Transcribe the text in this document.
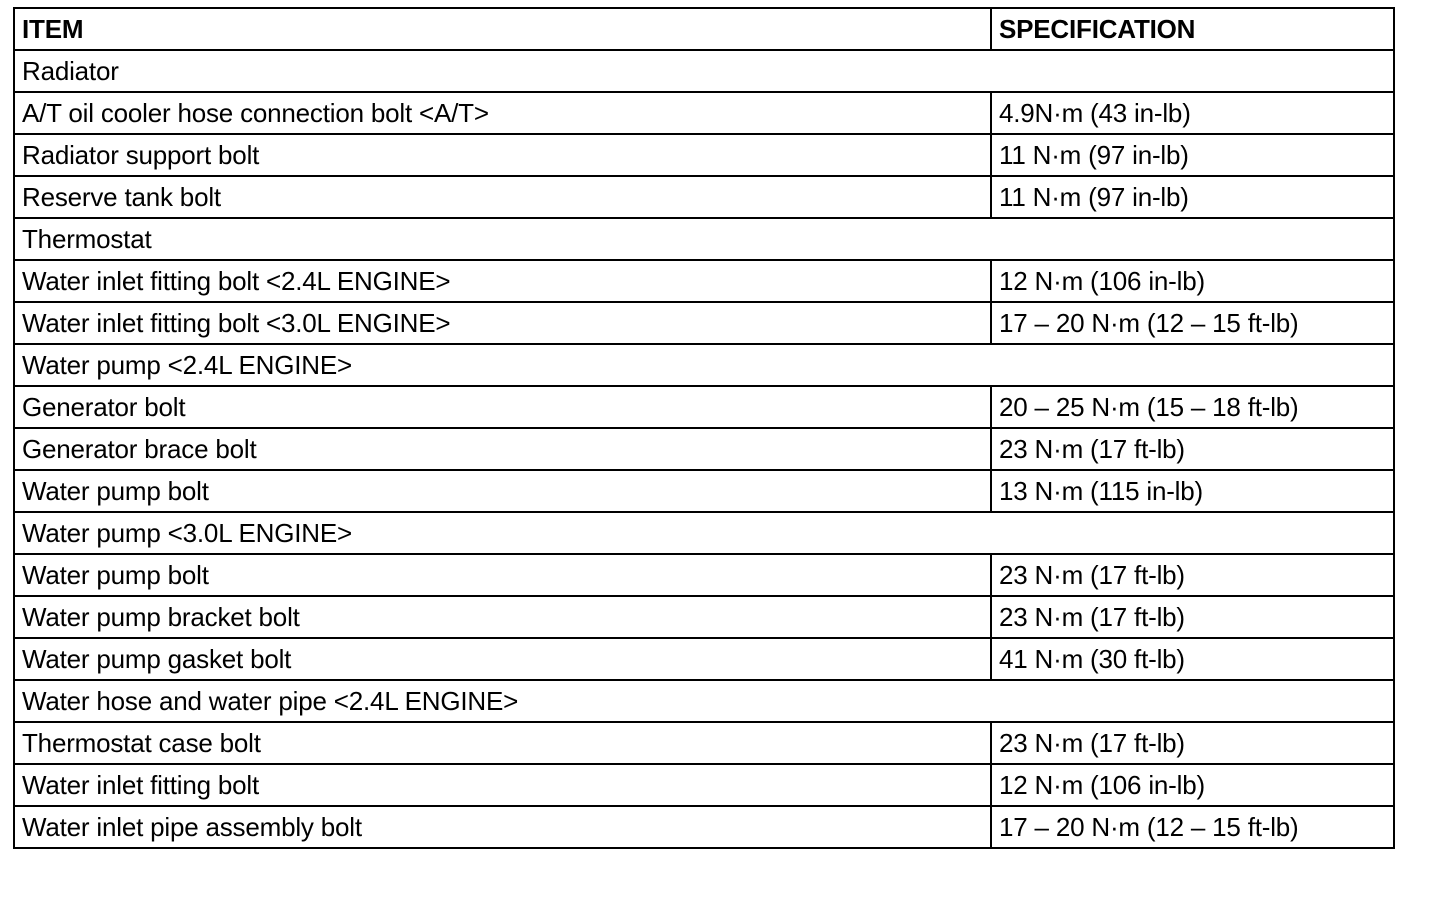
ITEM	SPECIFICATION
Radiator	
A/T oil cooler hose connection bolt <A/T>	4.9N·m (43 in-lb)
Radiator support bolt	11 N·m (97 in-lb)
Reserve tank bolt	11 N·m (97 in-lb)
Thermostat	
Water inlet fitting bolt <2.4L ENGINE>	12 N·m (106 in-lb)
Water inlet fitting bolt <3.0L ENGINE>	17 – 20 N·m (12 – 15 ft-lb)
Water pump <2.4L ENGINE>	
Generator bolt	20 – 25 N·m (15 – 18 ft-lb)
Generator brace bolt	23 N·m (17 ft-lb)
Water pump bolt	13 N·m (115 in-lb)
Water pump <3.0L ENGINE>	
Water pump bolt	23 N·m (17 ft-lb)
Water pump bracket bolt	23 N·m (17 ft-lb)
Water pump gasket bolt	41 N·m (30 ft-lb)
Water hose and water pipe <2.4L ENGINE>	
Thermostat case bolt	23 N·m (17 ft-lb)
Water inlet fitting bolt	12 N·m (106 in-lb)
Water inlet pipe assembly bolt	17 – 20 N·m (12 – 15 ft-lb)
